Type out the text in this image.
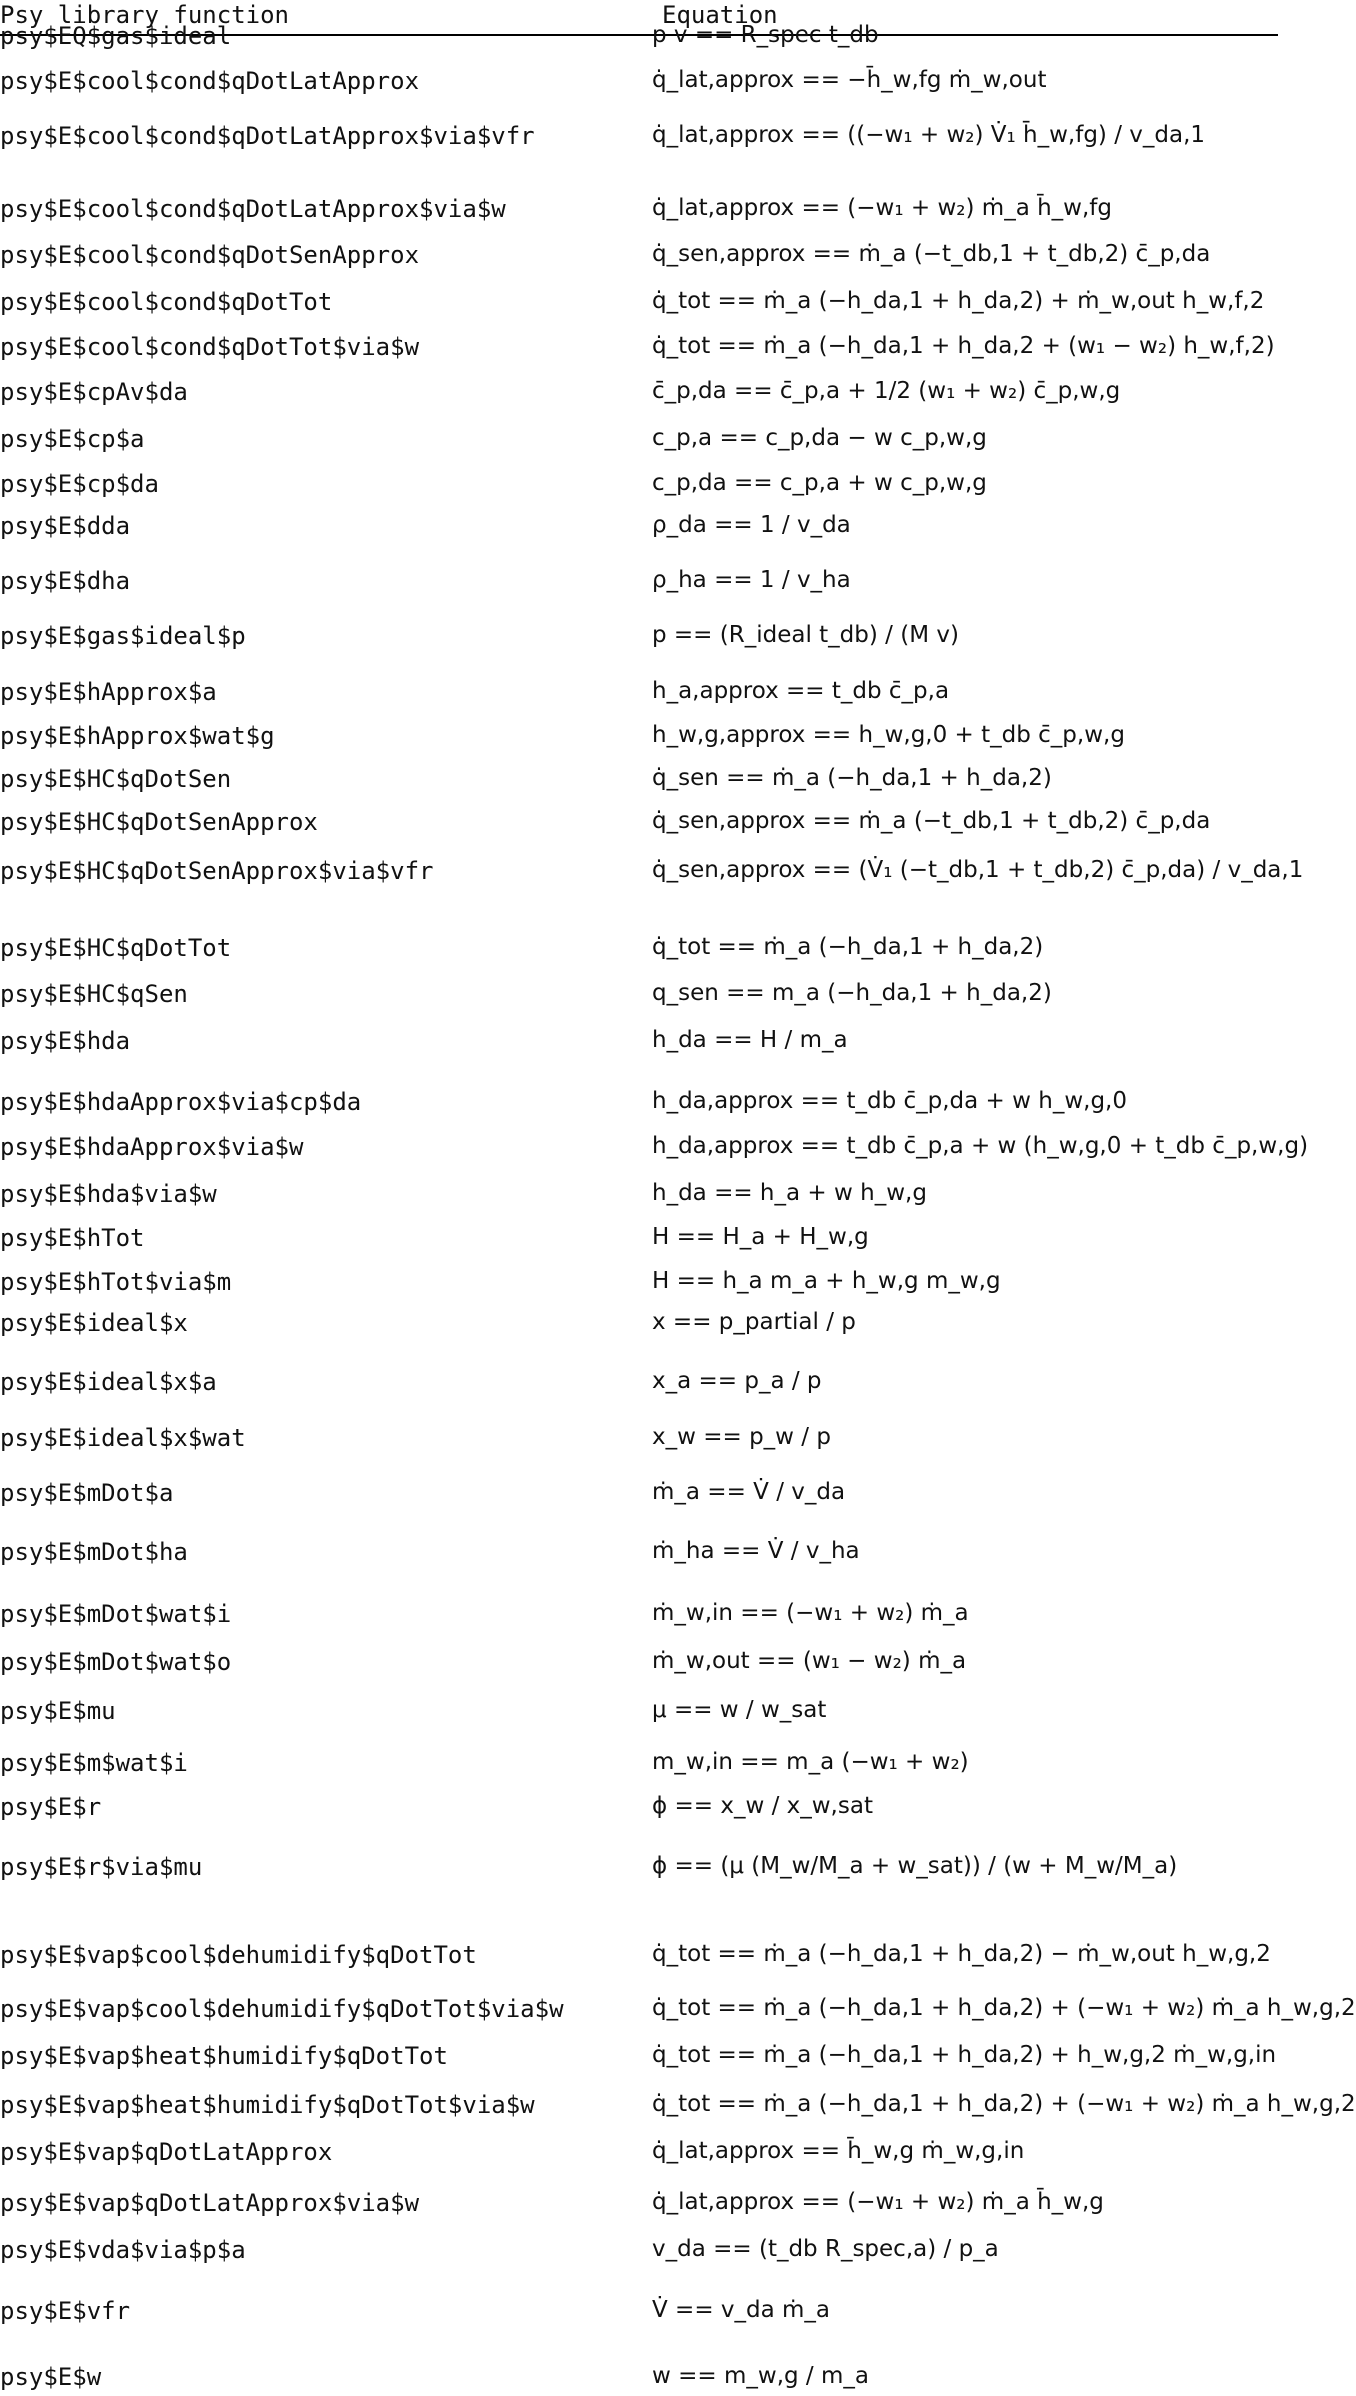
Psy library function	Equation
psy$EQ$gas$ideal	p v == R_spec t_db
psy$E$cool$cond$qDotLatApprox	q̇_lat,approx == −h̄_w,fg ṁ_w,out
psy$E$cool$cond$qDotLatApprox$via$vfr	q̇_lat,approx == ((−w₁ + w₂) V̇₁ h̄_w,fg) / v_da,1
psy$E$cool$cond$qDotLatApprox$via$w	q̇_lat,approx == (−w₁ + w₂) ṁ_a h̄_w,fg
psy$E$cool$cond$qDotSenApprox	q̇_sen,approx == ṁ_a (−t_db,1 + t_db,2) c̄_p,da
psy$E$cool$cond$qDotTot	q̇_tot == ṁ_a (−h_da,1 + h_da,2) + ṁ_w,out h_w,f,2
psy$E$cool$cond$qDotTot$via$w	q̇_tot == ṁ_a (−h_da,1 + h_da,2 + (w₁ − w₂) h_w,f,2)
psy$E$cpAv$da	c̄_p,da == c̄_p,a + 1/2 (w₁ + w₂) c̄_p,w,g
psy$E$cp$a	c_p,a == c_p,da − w c_p,w,g
psy$E$cp$da	c_p,da == c_p,a + w c_p,w,g
psy$E$dda	ρ_da == 1 / v_da
psy$E$dha	ρ_ha == 1 / v_ha
psy$E$gas$ideal$p	p == (R_ideal t_db) / (M v)
psy$E$hApprox$a	h_a,approx == t_db c̄_p,a
psy$E$hApprox$wat$g	h_w,g,approx == h_w,g,0 + t_db c̄_p,w,g
psy$E$HC$qDotSen	q̇_sen == ṁ_a (−h_da,1 + h_da,2)
psy$E$HC$qDotSenApprox	q̇_sen,approx == ṁ_a (−t_db,1 + t_db,2) c̄_p,da
psy$E$HC$qDotSenApprox$via$vfr	q̇_sen,approx == (V̇₁ (−t_db,1 + t_db,2) c̄_p,da) / v_da,1
psy$E$HC$qDotTot	q̇_tot == ṁ_a (−h_da,1 + h_da,2)
psy$E$HC$qSen	q_sen == m_a (−h_da,1 + h_da,2)
psy$E$hda	h_da == H / m_a
psy$E$hdaApprox$via$cp$da	h_da,approx == t_db c̄_p,da + w h_w,g,0
psy$E$hdaApprox$via$w	h_da,approx == t_db c̄_p,a + w (h_w,g,0 + t_db c̄_p,w,g)
psy$E$hda$via$w	h_da == h_a + w h_w,g
psy$E$hTot	H == H_a + H_w,g
psy$E$hTot$via$m	H == h_a m_a + h_w,g m_w,g
psy$E$ideal$x	x == p_partial / p
psy$E$ideal$x$a	x_a == p_a / p
psy$E$ideal$x$wat	x_w == p_w / p
psy$E$mDot$a	ṁ_a == V̇ / v_da
psy$E$mDot$ha	ṁ_ha == V̇ / v_ha
psy$E$mDot$wat$i	ṁ_w,in == (−w₁ + w₂) ṁ_a
psy$E$mDot$wat$o	ṁ_w,out == (w₁ − w₂) ṁ_a
psy$E$mu	μ == w / w_sat
psy$E$m$wat$i	m_w,in == m_a (−w₁ + w₂)
psy$E$r	ϕ == x_w / x_w,sat
psy$E$r$via$mu	ϕ == (μ (M_w/M_a + w_sat)) / (w + M_w/M_a)
psy$E$vap$cool$dehumidify$qDotTot	q̇_tot == ṁ_a (−h_da,1 + h_da,2) − ṁ_w,out h_w,g,2
psy$E$vap$cool$dehumidify$qDotTot$via$w	q̇_tot == ṁ_a (−h_da,1 + h_da,2) + (−w₁ + w₂) ṁ_a h_w,g,2
psy$E$vap$heat$humidify$qDotTot	q̇_tot == ṁ_a (−h_da,1 + h_da,2) + h_w,g,2 ṁ_w,g,in
psy$E$vap$heat$humidify$qDotTot$via$w	q̇_tot == ṁ_a (−h_da,1 + h_da,2) + (−w₁ + w₂) ṁ_a h_w,g,2
psy$E$vap$qDotLatApprox	q̇_lat,approx == h̄_w,g ṁ_w,g,in
psy$E$vap$qDotLatApprox$via$w	q̇_lat,approx == (−w₁ + w₂) ṁ_a h̄_w,g
psy$E$vda$via$p$a	v_da == (t_db R_spec,a) / p_a
psy$E$vfr	V̇ == v_da ṁ_a
psy$E$w	w == m_w,g / m_a
